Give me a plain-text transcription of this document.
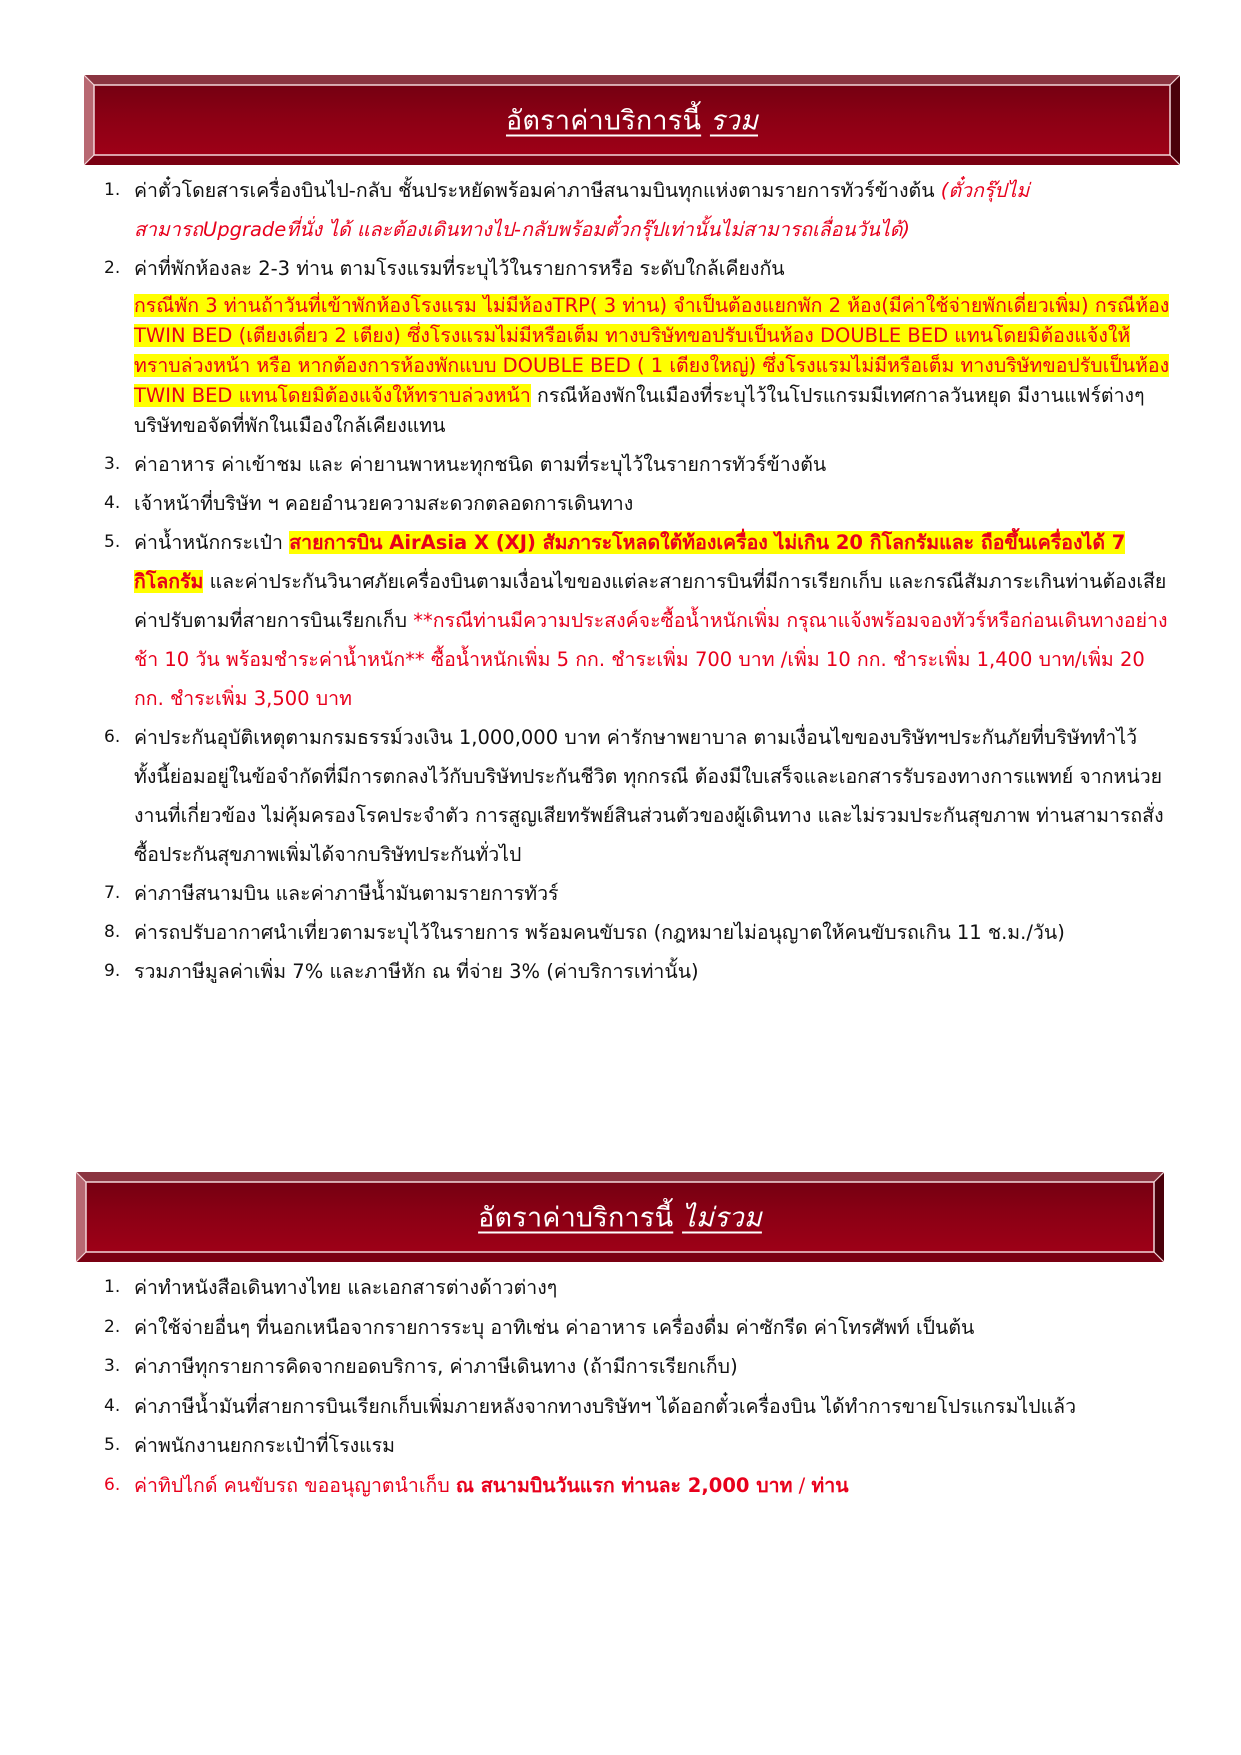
อัตราค่าบริการนี้ รวม
1. ค่าตั๋วโดยสารเครื่องบินไป-กลับ ชั้นประหยัดพร้อมค่าภาษีสนามบินทุกแห่งตามรายการทัวร์ข้างต้น (ตั๋วกรุ๊ปไม่สามารถUpgradeที่นั่ง ได้ และต้องเดินทางไป-กลับพร้อมตั๋วกรุ๊ปเท่านั้นไม่สามารถเลื่อนวันได้)
2. ค่าที่พักห้องละ 2-3 ท่าน ตามโรงแรมที่ระบุไว้ในรายการหรือ ระดับใกล้เคียงกัน
กรณีพัก 3 ท่านถ้าวันที่เข้าพักห้องโรงแรม ไม่มีห้องTRP( 3 ท่าน) จำเป็นต้องแยกพัก 2 ห้อง(มีค่าใช้จ่ายพักเดี่ยวเพิ่ม) กรณีห้อง TWIN BED (เตียงเดี่ยว 2 เตียง) ซึ่งโรงแรมไม่มีหรือเต็ม ทางบริษัทขอปรับเป็นห้อง DOUBLE BED แทนโดยมิต้องแจ้งให้ทราบล่วงหน้า หรือ หากต้องการห้องพักแบบ DOUBLE BED ( 1 เตียงใหญ่) ซึ่งโรงแรมไม่มีหรือเต็ม ทางบริษัทขอปรับเป็นห้อง TWIN BED แทนโดยมิต้องแจ้งให้ทราบล่วงหน้า กรณีห้องพักในเมืองที่ระบุไว้ในโปรแกรมมีเทศกาลวันหยุด มีงานแฟร์ต่างๆ บริษัทขอจัดที่พักในเมืองใกล้เคียงแทน
3. ค่าอาหาร ค่าเข้าชม และ ค่ายานพาหนะทุกชนิด ตามที่ระบุไว้ในรายการทัวร์ข้างต้น
4. เจ้าหน้าที่บริษัท ฯ คอยอำนวยความสะดวกตลอดการเดินทาง
5. ค่าน้ำหนักกระเป๋า สายการบิน AirAsia X (XJ) สัมภาระโหลดใต้ท้องเครื่อง ไม่เกิน 20 กิโลกรัมและ ถือขึ้นเครื่องได้ 7 กิโลกรัม และค่าประกันวินาศภัยเครื่องบินตามเงื่อนไขของแต่ละสายการบินที่มีการเรียกเก็บ และกรณีสัมภาระเกินท่านต้องเสียค่าปรับตามที่สายการบินเรียกเก็บ **กรณีท่านมีความประสงค์จะซื้อน้ำหนักเพิ่ม กรุณาแจ้งพร้อมจองทัวร์หรือก่อนเดินทางอย่างช้า 10 วัน พร้อมชำระค่าน้ำหนัก** ซื้อน้ำหนักเพิ่ม 5 กก. ชำระเพิ่ม 700 บาท /เพิ่ม 10 กก. ชำระเพิ่ม 1,400 บาท/เพิ่ม 20 กก. ชำระเพิ่ม 3,500 บาท
6. ค่าประกันอุบัติเหตุตามกรมธรรม์วงเงิน 1,000,000 บาท ค่ารักษาพยาบาล ตามเงื่อนไขของบริษัทฯประกันภัยที่บริษัททำไว้ ทั้งนี้ย่อมอยู่ในข้อจำกัดที่มีการตกลงไว้กับบริษัทประกันชีวิต ทุกกรณี ต้องมีใบเสร็จและเอกสารรับรองทางการแพทย์ จากหน่วยงานที่เกี่ยวข้อง ไม่คุ้มครองโรคประจำตัว การสูญเสียทรัพย์สินส่วนตัวของผู้เดินทาง และไม่รวมประกันสุขภาพ ท่านสามารถสั่งซื้อประกันสุขภาพเพิ่มได้จากบริษัทประกันทั่วไป
7. ค่าภาษีสนามบิน และค่าภาษีน้ำมันตามรายการทัวร์
8. ค่ารถปรับอากาศนำเที่ยวตามระบุไว้ในรายการ พร้อมคนขับรถ (กฎหมายไม่อนุญาตให้คนขับรถเกิน 11 ช.ม./วัน)
9. รวมภาษีมูลค่าเพิ่ม 7% และภาษีหัก ณ ที่จ่าย 3% (ค่าบริการเท่านั้น)
อัตราค่าบริการนี้ ไม่รวม
1. ค่าทำหนังสือเดินทางไทย และเอกสารต่างด้าวต่างๆ
2. ค่าใช้จ่ายอื่นๆ ที่นอกเหนือจากรายการระบุ อาทิเช่น ค่าอาหาร เครื่องดื่ม ค่าซักรีด ค่าโทรศัพท์ เป็นต้น
3. ค่าภาษีทุกรายการคิดจากยอดบริการ, ค่าภาษีเดินทาง (ถ้ามีการเรียกเก็บ)
4. ค่าภาษีน้ำมันที่สายการบินเรียกเก็บเพิ่มภายหลังจากทางบริษัทฯ ได้ออกตั๋วเครื่องบิน ได้ทำการขายโปรแกรมไปแล้ว
5. ค่าพนักงานยกกระเป๋าที่โรงแรม
6. ค่าทิปไกด์ คนขับรถ ขออนุญาตนำเก็บ ณ สนามบินวันแรก ท่านละ 2,000 บาท / ท่าน
